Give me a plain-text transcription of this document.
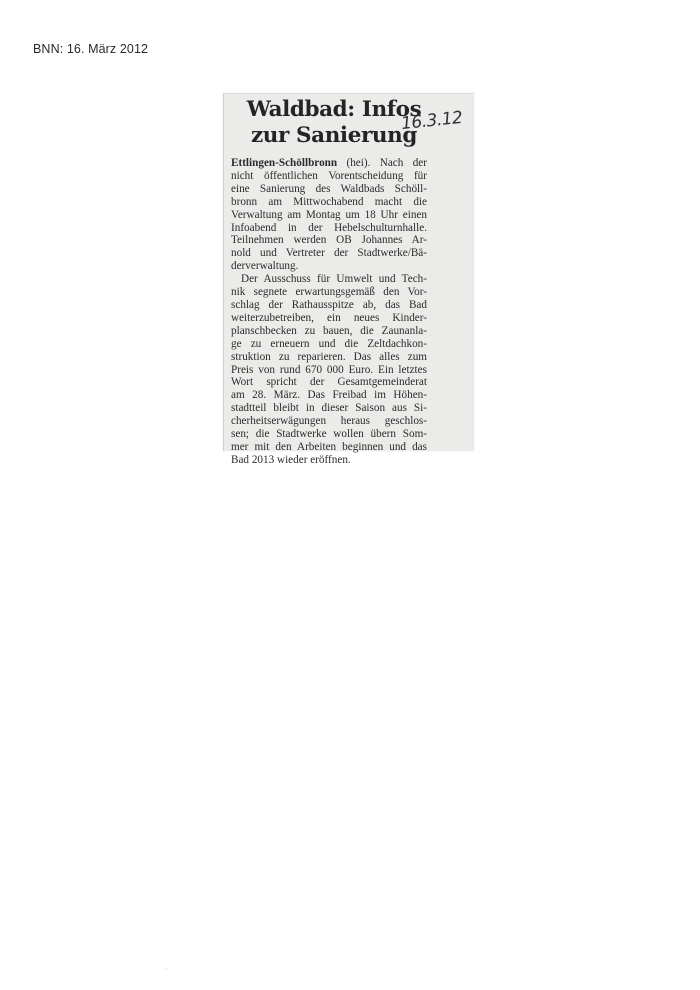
BNN: 16. März 2012
Waldbad: Infos
zur Sanierung
16.3.12
Ettlingen-Schöllbronn (hei). Nach der
nicht öffentlichen Vorentscheidung für
eine Sanierung des Waldbads Schöll-
bronn am Mittwochabend macht die
Verwaltung am Montag um 18 Uhr einen
Infoabend in der Hebelschulturnhalle.
Teilnehmen werden OB Johannes Ar-
nold und Vertreter der Stadtwerke/Bä-
derverwaltung.
Der Ausschuss für Umwelt und Tech-
nik segnete erwartungsgemäß den Vor-
schlag der Rathausspitze ab, das Bad
weiterzubetreiben, ein neues Kinder-
planschbecken zu bauen, die Zaunanla-
ge zu erneuern und die Zeltdachkon-
struktion zu reparieren. Das alles zum
Preis von rund 670 000 Euro. Ein letztes
Wort spricht der Gesamtgemeinderat
am 28. März. Das Freibad im Höhen-
stadtteil bleibt in dieser Saison aus Si-
cherheitserwägungen heraus geschlos-
sen; die Stadtwerke wollen übern Som-
mer mit den Arbeiten beginnen und das
Bad 2013 wieder eröffnen.
·
